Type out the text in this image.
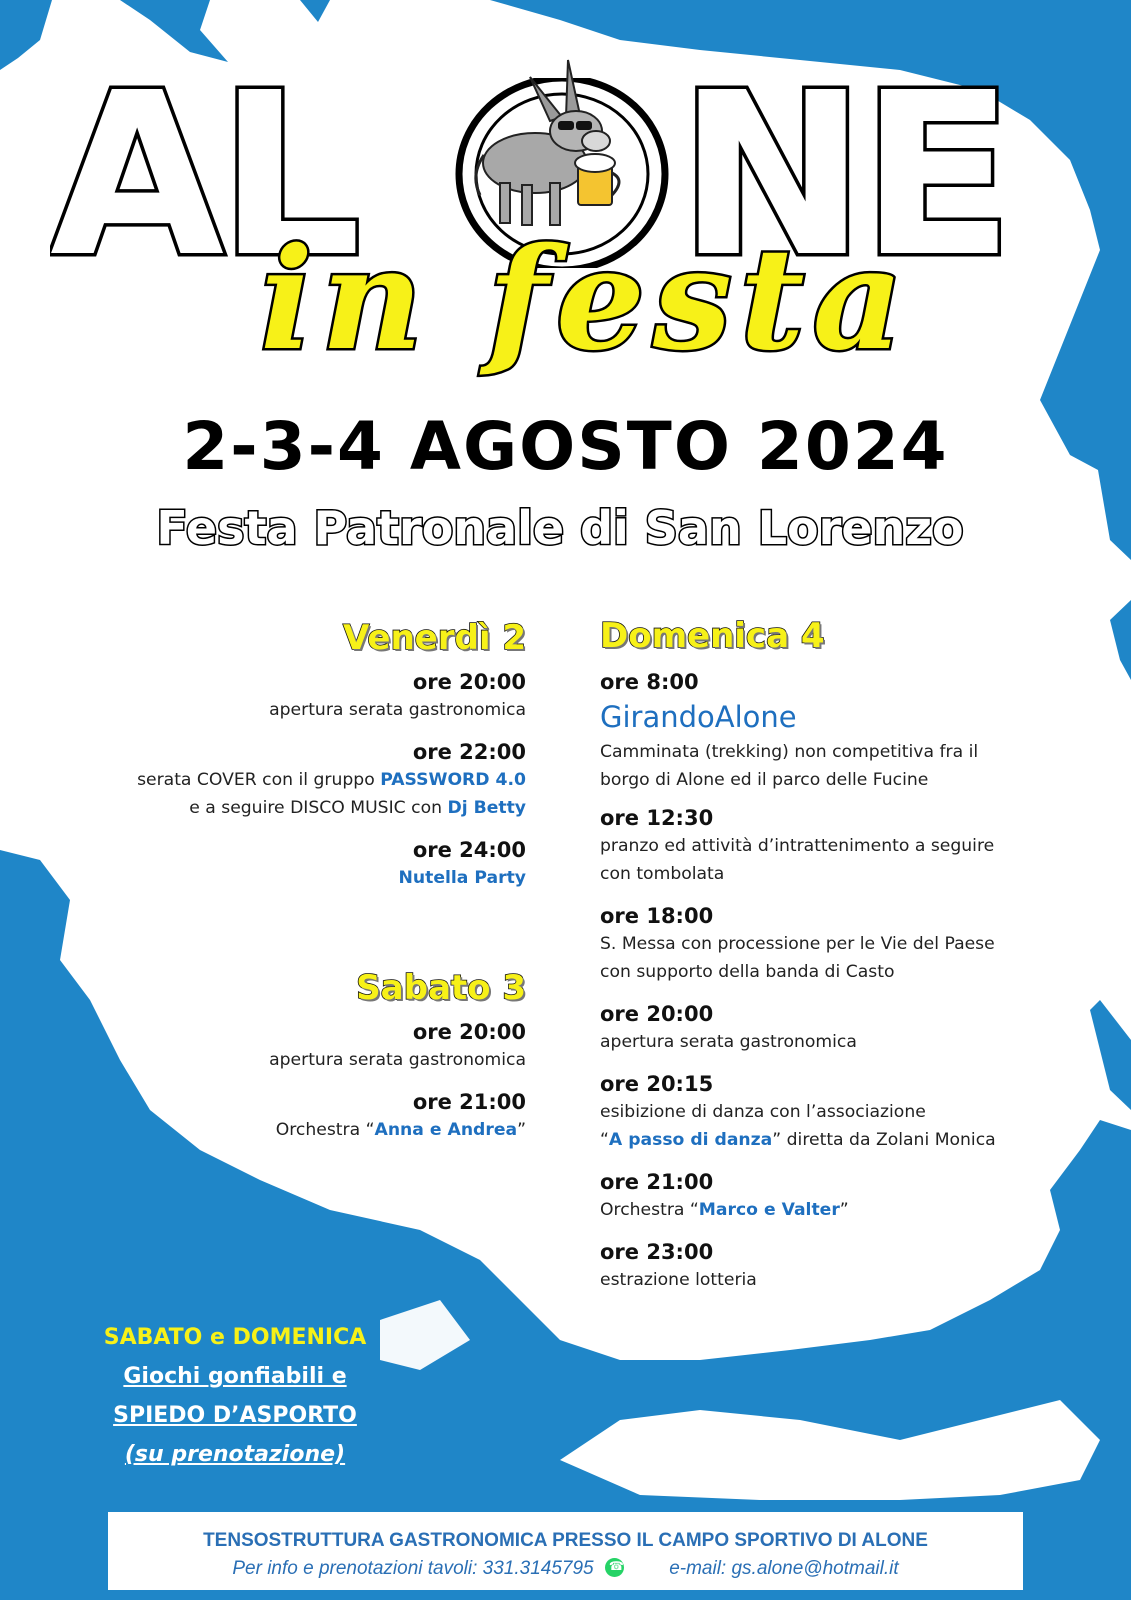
AL NE
in festa
2-3-4 AGOSTO 2024
Festa Patronale di San Lorenzo
Venerdì 2

ore 20:00

apertura serata gastronomica

ore 22:00

serata COVER con il gruppo PASSWORD 4.0

e a seguire DISCO MUSIC con Dj Betty

ore 24:00

Nutella Party

Sabato 3

ore 20:00

apertura serata gastronomica

ore 21:00

Orchestra “Anna e Andrea”

Domenica 4

ore 8:00

GirandoAlone

Camminata (trekking) non competitiva fra il

borgo di Alone ed il parco delle Fucine

ore 12:30

pranzo ed attività d’intrattenimento a seguire

con tombolata

ore 18:00

S. Messa con processione per le Vie del Paese

con supporto della banda di Casto

ore 20:00

apertura serata gastronomica

ore 20:15

esibizione di danza con l’associazione

“A passo di danza” diretta da Zolani Monica

ore 21:00

Orchestra “Marco e Valter”

ore 23:00

estrazione lotteria

SABATO e DOMENICA
Giochi gonfiabili e
SPIEDO D’ASPORTO
(su prenotazione)
TENSOSTRUTTURA GASTRONOMICA PRESSO IL CAMPO SPORTIVO DI ALONE
Per info e prenotazioni tavoli: 331.3145795 ☎	e-mail: gs.alone@hotmail.it
